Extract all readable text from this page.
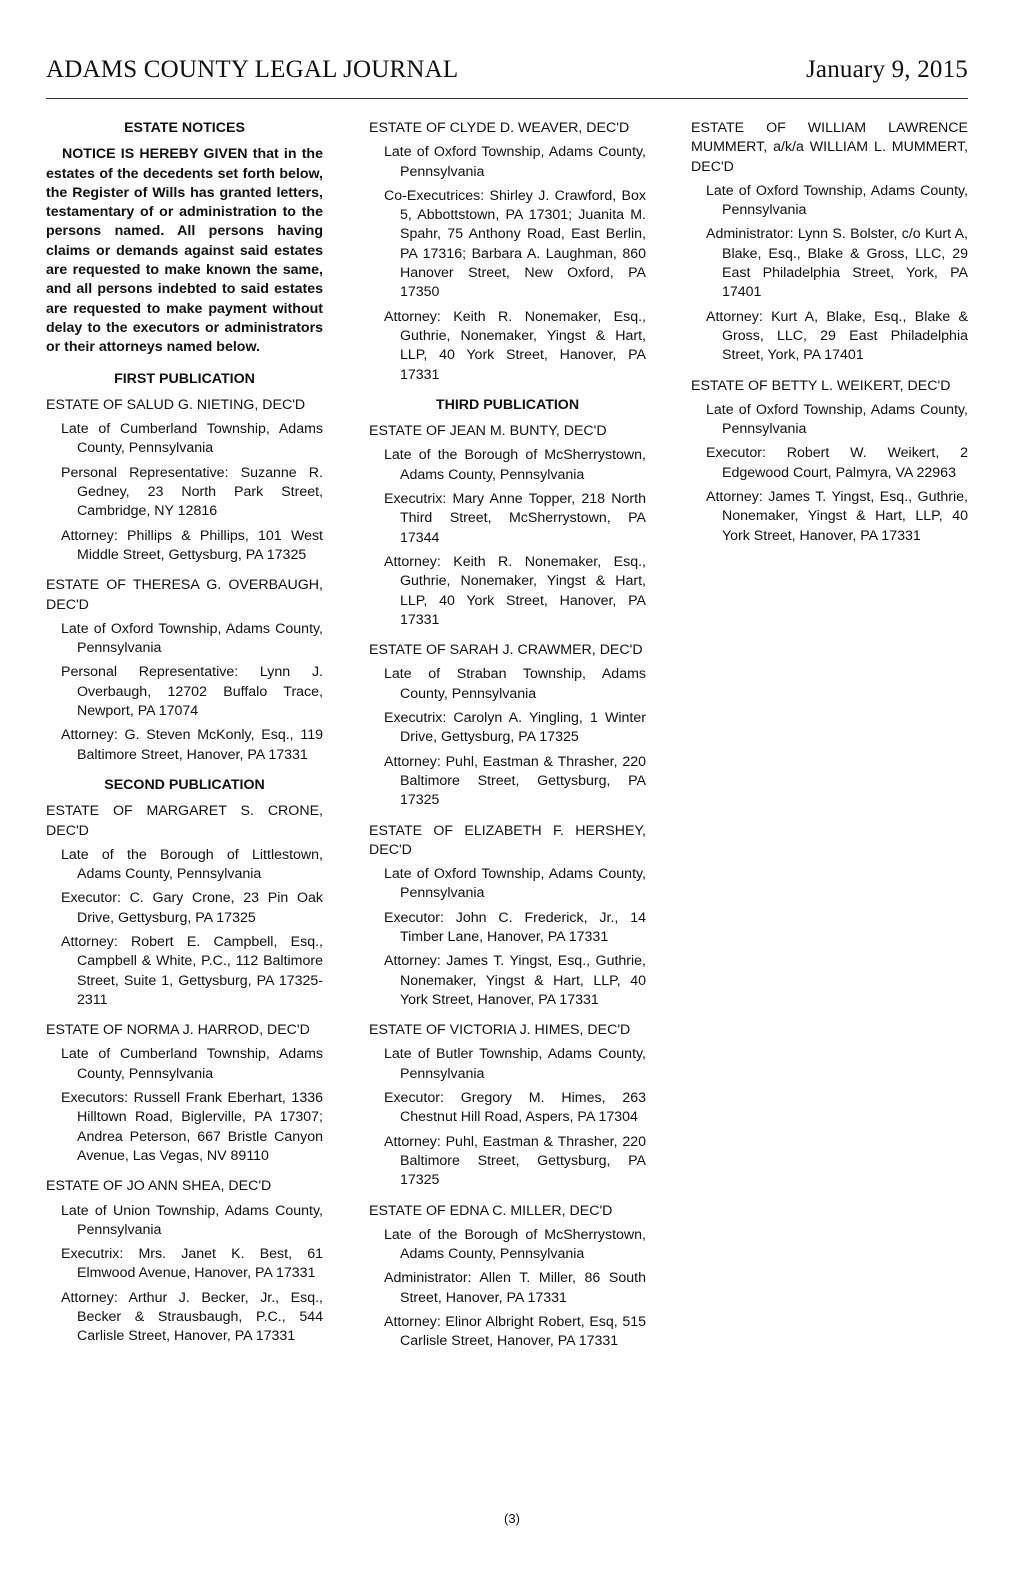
ADAMS COUNTY LEGAL JOURNAL	January 9, 2015
ESTATE NOTICES
NOTICE IS HEREBY GIVEN that in the estates of the decedents set forth below, the Register of Wills has granted letters, testamentary of or administration to the persons named. All persons having claims or demands against said estates are requested to make known the same, and all persons indebted to said estates are requested to make payment without delay to the executors or administrators or their attorneys named below.
FIRST PUBLICATION
ESTATE OF SALUD G. NIETING, DEC'D
Late of Cumberland Township, Adams County, Pennsylvania
Personal Representative: Suzanne R. Gedney, 23 North Park Street, Cambridge, NY 12816
Attorney: Phillips & Phillips, 101 West Middle Street, Gettysburg, PA 17325
ESTATE OF THERESA G. OVERBAUGH, DEC'D
Late of Oxford Township, Adams County, Pennsylvania
Personal Representative: Lynn J. Overbaugh, 12702 Buffalo Trace, Newport, PA 17074
Attorney: G. Steven McKonly, Esq., 119 Baltimore Street, Hanover, PA 17331
SECOND PUBLICATION
ESTATE OF MARGARET S. CRONE, DEC'D
Late of the Borough of Littlestown, Adams County, Pennsylvania
Executor: C. Gary Crone, 23 Pin Oak Drive, Gettysburg, PA 17325
Attorney: Robert E. Campbell, Esq., Campbell & White, P.C., 112 Baltimore Street, Suite 1, Gettysburg, PA 17325-2311
ESTATE OF NORMA J. HARROD, DEC'D
Late of Cumberland Township, Adams County, Pennsylvania
Executors: Russell Frank Eberhart, 1336 Hilltown Road, Biglerville, PA 17307; Andrea Peterson, 667 Bristle Canyon Avenue, Las Vegas, NV 89110
ESTATE OF JO ANN SHEA, DEC'D
Late of Union Township, Adams County, Pennsylvania
Executrix: Mrs. Janet K. Best, 61 Elmwood Avenue, Hanover, PA 17331
Attorney: Arthur J. Becker, Jr., Esq., Becker & Strausbaugh, P.C., 544 Carlisle Street, Hanover, PA 17331
ESTATE OF CLYDE D. WEAVER, DEC'D
Late of Oxford Township, Adams County, Pennsylvania
Co-Executrices: Shirley J. Crawford, Box 5, Abbottstown, PA 17301; Juanita M. Spahr, 75 Anthony Road, East Berlin, PA 17316; Barbara A. Laughman, 860 Hanover Street, New Oxford, PA 17350
Attorney: Keith R. Nonemaker, Esq., Guthrie, Nonemaker, Yingst & Hart, LLP, 40 York Street, Hanover, PA 17331
THIRD PUBLICATION
ESTATE OF JEAN M. BUNTY, DEC'D
Late of the Borough of McSherrystown, Adams County, Pennsylvania
Executrix: Mary Anne Topper, 218 North Third Street, McSherrystown, PA 17344
Attorney: Keith R. Nonemaker, Esq., Guthrie, Nonemaker, Yingst & Hart, LLP, 40 York Street, Hanover, PA 17331
ESTATE OF SARAH J. CRAWMER, DEC'D
Late of Straban Township, Adams County, Pennsylvania
Executrix: Carolyn A. Yingling, 1 Winter Drive, Gettysburg, PA 17325
Attorney: Puhl, Eastman & Thrasher, 220 Baltimore Street, Gettysburg, PA 17325
ESTATE OF ELIZABETH F. HERSHEY, DEC'D
Late of Oxford Township, Adams County, Pennsylvania
Executor: John C. Frederick, Jr., 14 Timber Lane, Hanover, PA 17331
Attorney: James T. Yingst, Esq., Guthrie, Nonemaker, Yingst & Hart, LLP, 40 York Street, Hanover, PA 17331
ESTATE OF VICTORIA J. HIMES, DEC'D
Late of Butler Township, Adams County, Pennsylvania
Executor: Gregory M. Himes, 263 Chestnut Hill Road, Aspers, PA 17304
Attorney: Puhl, Eastman & Thrasher, 220 Baltimore Street, Gettysburg, PA 17325
ESTATE OF EDNA C. MILLER, DEC'D
Late of the Borough of McSherrystown, Adams County, Pennsylvania
Administrator: Allen T. Miller, 86 South Street, Hanover, PA 17331
Attorney: Elinor Albright Robert, Esq, 515 Carlisle Street, Hanover, PA 17331
ESTATE OF WILLIAM LAWRENCE MUMMERT, a/k/a WILLIAM L. MUMMERT, DEC'D
Late of Oxford Township, Adams County, Pennsylvania
Administrator: Lynn S. Bolster, c/o Kurt A, Blake, Esq., Blake & Gross, LLC, 29 East Philadelphia Street, York, PA 17401
Attorney: Kurt A, Blake, Esq., Blake & Gross, LLC, 29 East Philadelphia Street, York, PA 17401
ESTATE OF BETTY L. WEIKERT, DEC'D
Late of Oxford Township, Adams County, Pennsylvania
Executor: Robert W. Weikert, 2 Edgewood Court, Palmyra, VA 22963
Attorney: James T. Yingst, Esq., Guthrie, Nonemaker, Yingst & Hart, LLP, 40 York Street, Hanover, PA 17331
(3)
